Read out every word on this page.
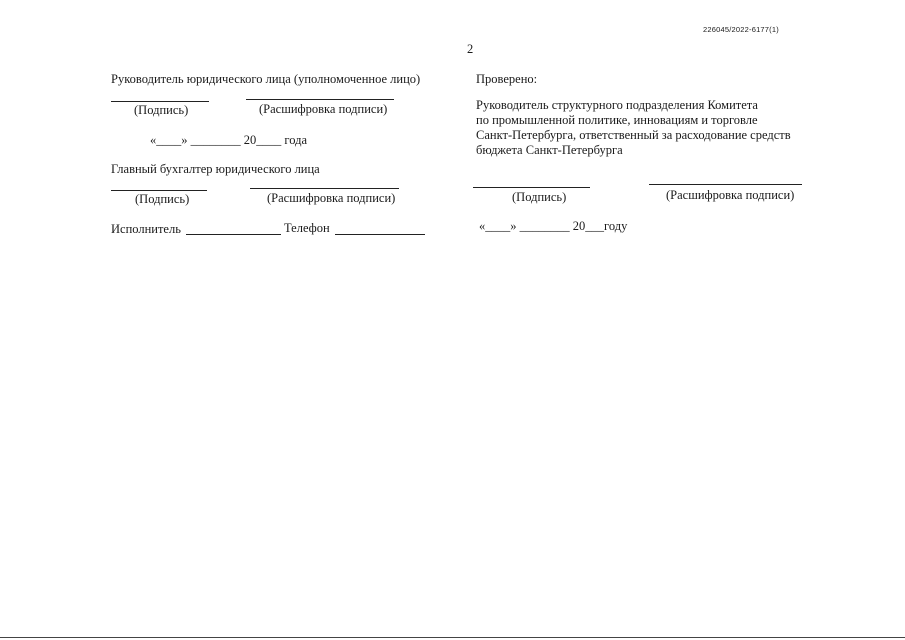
226045/2022-6177(1)
2
Руководитель юридического лица (уполномоченное лицо)
(Подпись)	(Расшифровка подписи)
«____» ________ 20____ года
Главный бухгалтер юридического лица
(Подпись)	(Расшифровка подписи)
Исполнитель	Телефон
Проверено:
Руководитель структурного подразделения Комитета
по промышленной политике, инновациям и торговле
Санкт-Петербурга, ответственный за расходование средств
бюджета Санкт-Петербурга
(Подпись)	(Расшифровка подписи)
«____» ________ 20___году
